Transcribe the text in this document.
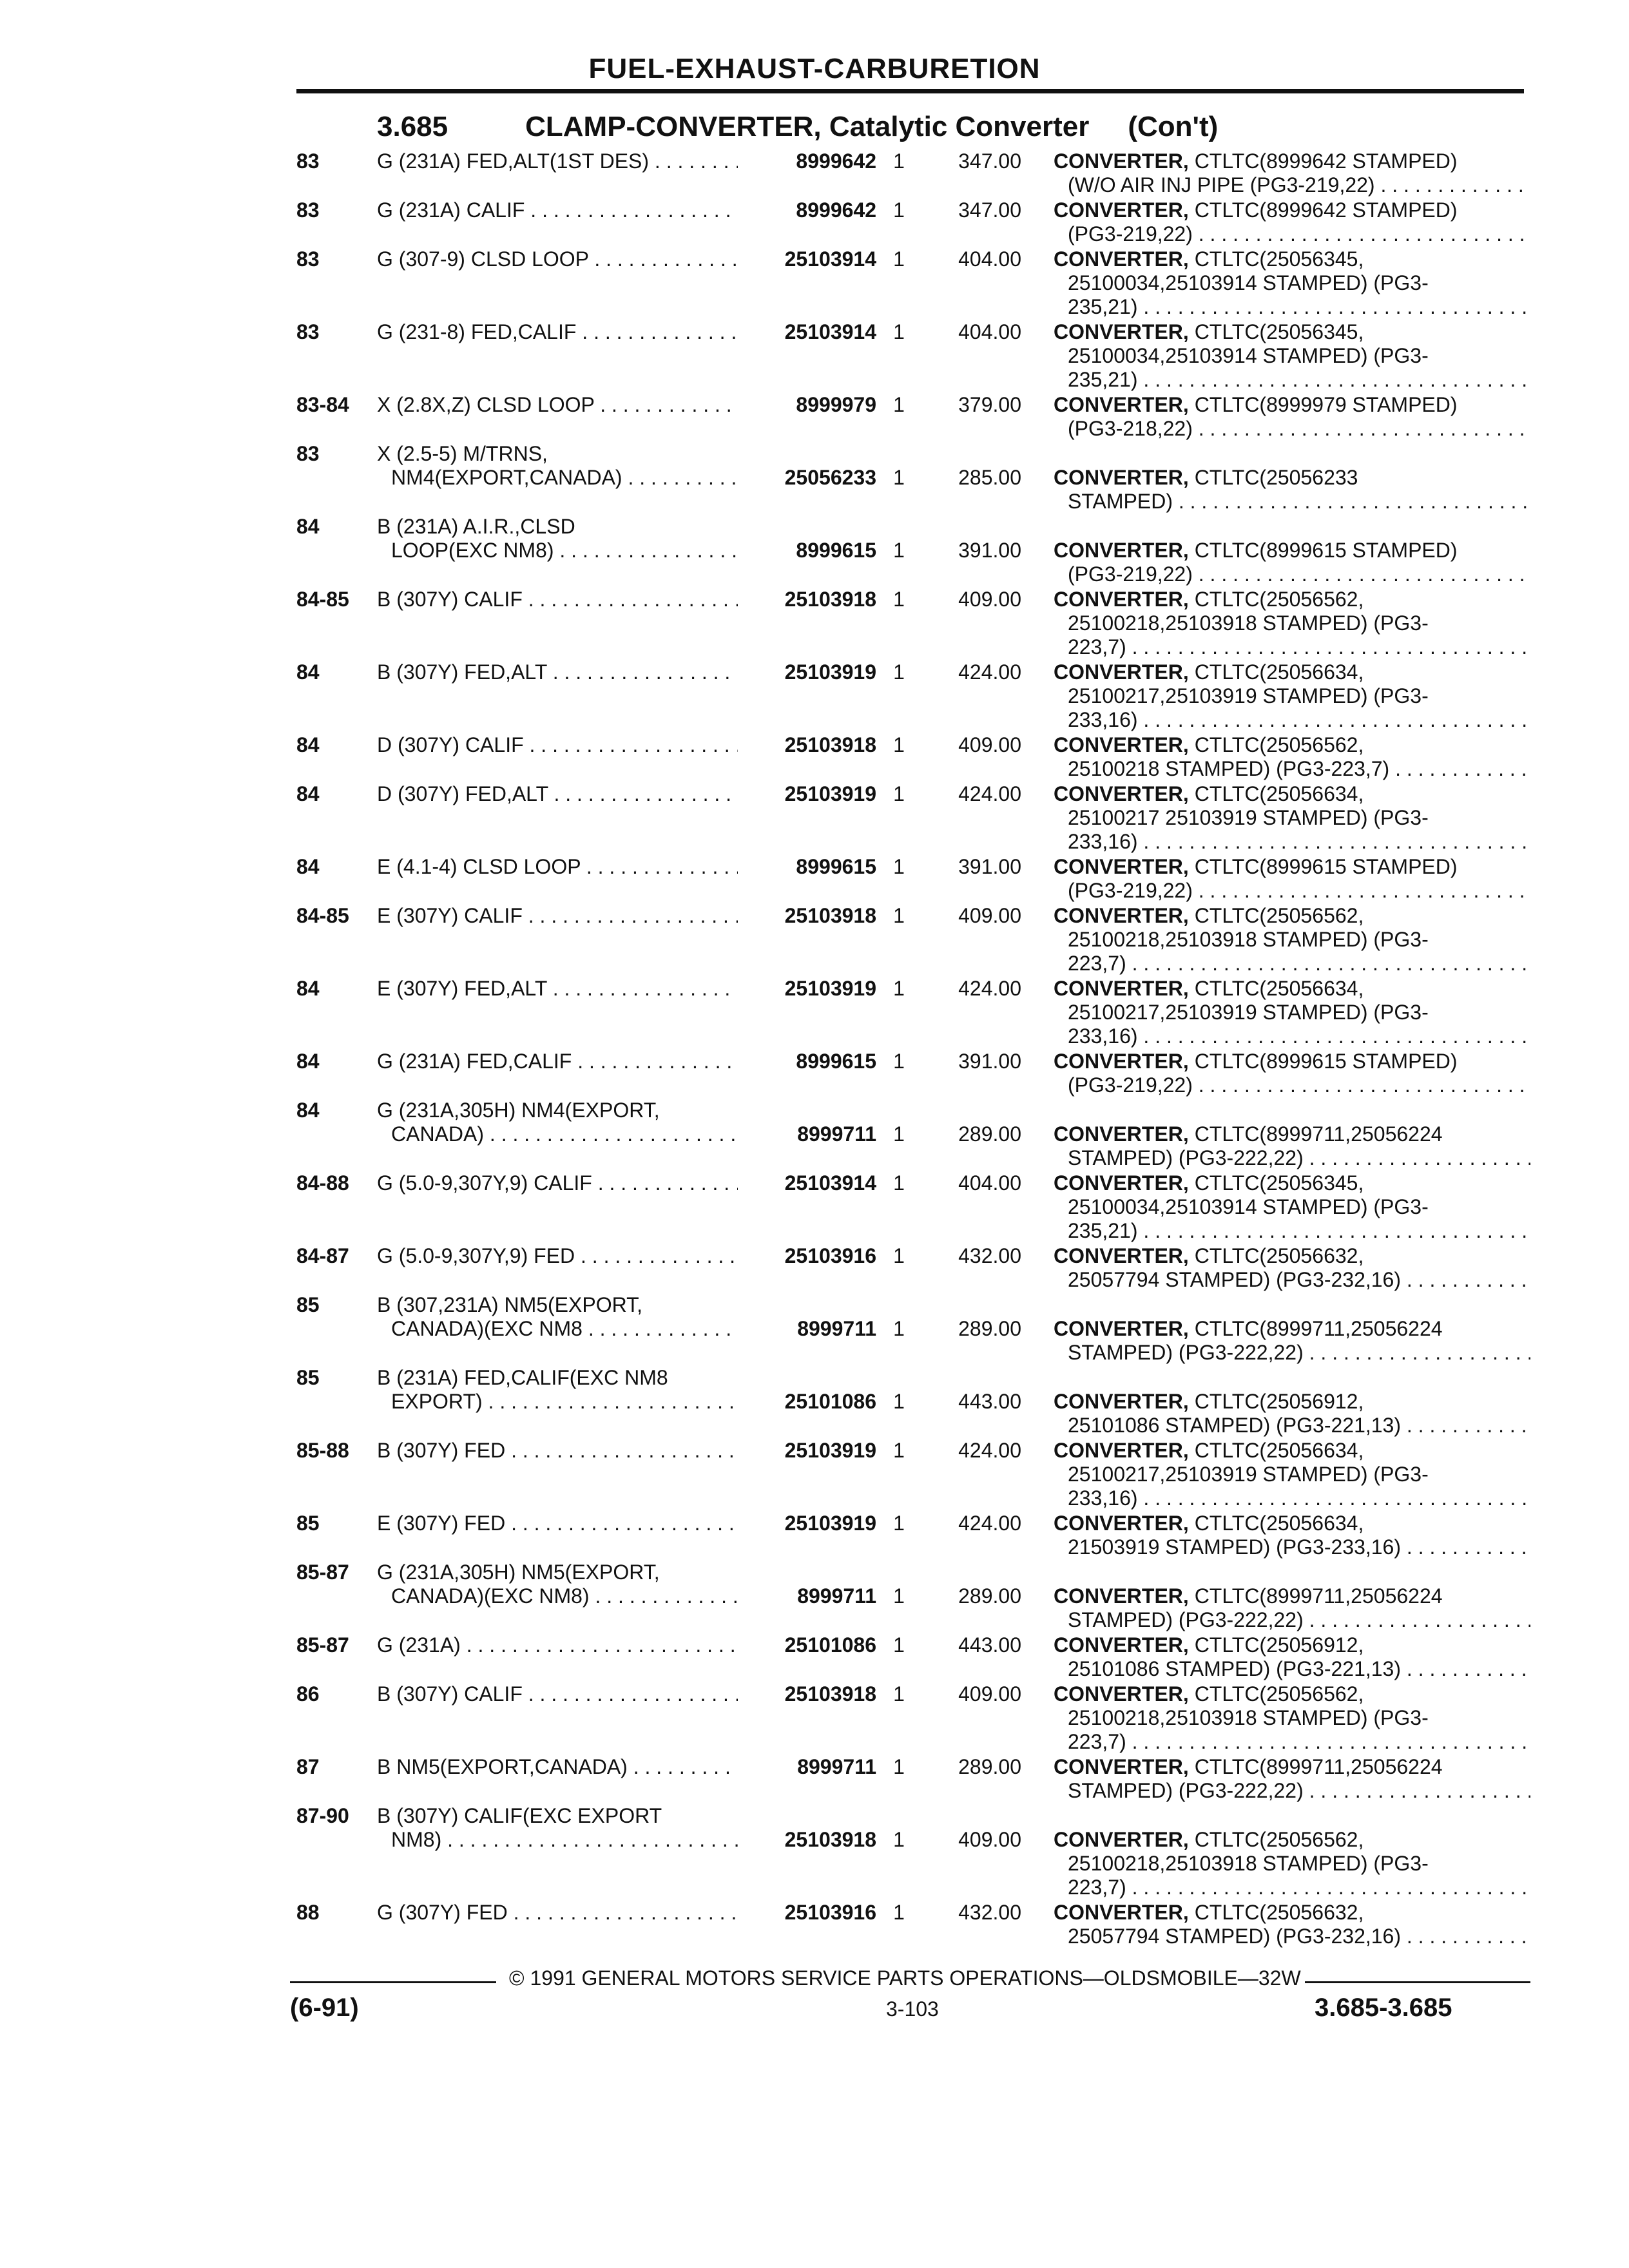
FUEL-EXHAUST-CARBURETION
3.685	CLAMP-CONVERTER, Catalytic Converter (Con't)
83	G (231A) FED,ALT(1ST DES) . . . . .	8999642 1	347.00 CONVERTER, CTLTC(8999642 STAMPED)
(W/O AIR INJ PIPE (PG3-219,22) . . .
83	G (231A) CALIF . . .	8999642 1	347.00 CONVERTER, CTLTC(8999642 STAMPED)
(PG3-219,22) . . .
83	G (307-9) CLSD LOOP . . .	25103914 1	404.00 CONVERTER, CTLTC(25056345,
25100034,25103914 STAMPED) (PG3-
235,21) . . .
83	G (231-8) FED,CALIF . . .	25103914 1	404.00 CONVERTER, CTLTC(25056345,
25100034,25103914 STAMPED) (PG3-
235,21) . . .
83-84 X (2.8X,Z) CLSD LOOP . . .	8999979 1	379.00 CONVERTER, CTLTC(8999979 STAMPED)
(PG3-218,22) . . .
83	X (2.5-5) M/TRNS,
NM4(EXPORT,CANADA) . . .	25056233 1	285.00 CONVERTER, CTLTC(25056233
STAMPED) . . .
84	B (231A) A.I.R.,CLSD
LOOP(EXC NM8) . . .	8999615 1	391.00 CONVERTER, CTLTC(8999615 STAMPED)
(PG3-219,22) . . .
84-85 B (307Y) CALIF . . .	25103918 1	409.00 CONVERTER, CTLTC(25056562,
25100218,25103918 STAMPED) (PG3-
223,7) . . .
84	B (307Y) FED,ALT . . .	25103919 1	424.00 CONVERTER, CTLTC(25056634,
25100217,25103919 STAMPED) (PG3-
233,16) . . .
84	D (307Y) CALIF . . .	25103918 1	409.00 CONVERTER, CTLTC(25056562,
25100218 STAMPED) (PG3-223,7) . . .
84	D (307Y) FED,ALT . . .	25103919 1	424.00 CONVERTER, CTLTC(25056634,
25100217 25103919 STAMPED) (PG3-
233,16) . . .
84	E (4.1-4) CLSD LOOP . . .	8999615 1	391.00 CONVERTER, CTLTC(8999615 STAMPED)
(PG3-219,22) . . .
84-85 E (307Y) CALIF . . .	25103918 1	409.00 CONVERTER, CTLTC(25056562,
25100218,25103918 STAMPED) (PG3-
223,7) . . .
84	E (307Y) FED,ALT . . .	25103919 1	424.00 CONVERTER, CTLTC(25056634,
25100217,25103919 STAMPED) (PG3-
233,16) . . .
84	G (231A) FED,CALIF . . .	8999615 1	391.00 CONVERTER, CTLTC(8999615 STAMPED)
(PG3-219,22) . . .
84	G (231A,305H) NM4(EXPORT,
CANADA) . . .	8999711 1	289.00 CONVERTER, CTLTC(8999711,25056224
STAMPED) (PG3-222,22) . . .
84-88 G (5.0-9,307Y,9) CALIF . . .	25103914 1	404.00 CONVERTER, CTLTC(25056345,
25100034,25103914 STAMPED) (PG3-
235,21) . . .
84-87 G (5.0-9,307Y,9) FED . . .	25103916 1	432.00 CONVERTER, CTLTC(25056632,
25057794 STAMPED) (PG3-232,16) . . .
85	B (307,231A) NM5(EXPORT,
CANADA)(EXC NM8 . . .	8999711 1	289.00 CONVERTER, CTLTC(8999711,25056224
STAMPED) (PG3-222,22) . . .
85	B (231A) FED,CALIF(EXC NM8
EXPORT) . . .	25101086 1	443.00 CONVERTER, CTLTC(25056912,
25101086 STAMPED) (PG3-221,13) . . .
85-88 B (307Y) FED . . .	25103919 1	424.00 CONVERTER, CTLTC(25056634,
25100217,25103919 STAMPED) (PG3-
233,16) . . .
85	E (307Y) FED . . .	25103919 1	424.00 CONVERTER, CTLTC(25056634,
21503919 STAMPED) (PG3-233,16) . . .
85-87 G (231A,305H) NM5(EXPORT,
CANADA)(EXC NM8) . . .	8999711 1	289.00 CONVERTER, CTLTC(8999711,25056224
STAMPED) (PG3-222,22) . . .
85-87 G (231A) . . .	25101086 1	443.00 CONVERTER, CTLTC(25056912,
25101086 STAMPED) (PG3-221,13) . . .
86	B (307Y) CALIF . . .	25103918 1	409.00 CONVERTER, CTLTC(25056562,
25100218,25103918 STAMPED) (PG3-
223,7) . . .
87	B NM5(EXPORT,CANADA) . . .	8999711 1	289.00 CONVERTER, CTLTC(8999711,25056224
STAMPED) (PG3-222,22) . . .
87-90 B (307Y) CALIF(EXC EXPORT
NM8) . . .	25103918 1	409.00 CONVERTER, CTLTC(25056562,
25100218,25103918 STAMPED) (PG3-
223,7) . . .
88	G (307Y) FED . . .	25103916 1	432.00 CONVERTER, CTLTC(25056632,
25057794 STAMPED) (PG3-232,16) . . .
© 1991 GENERAL MOTORS SERVICE PARTS OPERATIONS—OLDSMOBILE—32W
(6-91)	3-103	3.685-3.685
